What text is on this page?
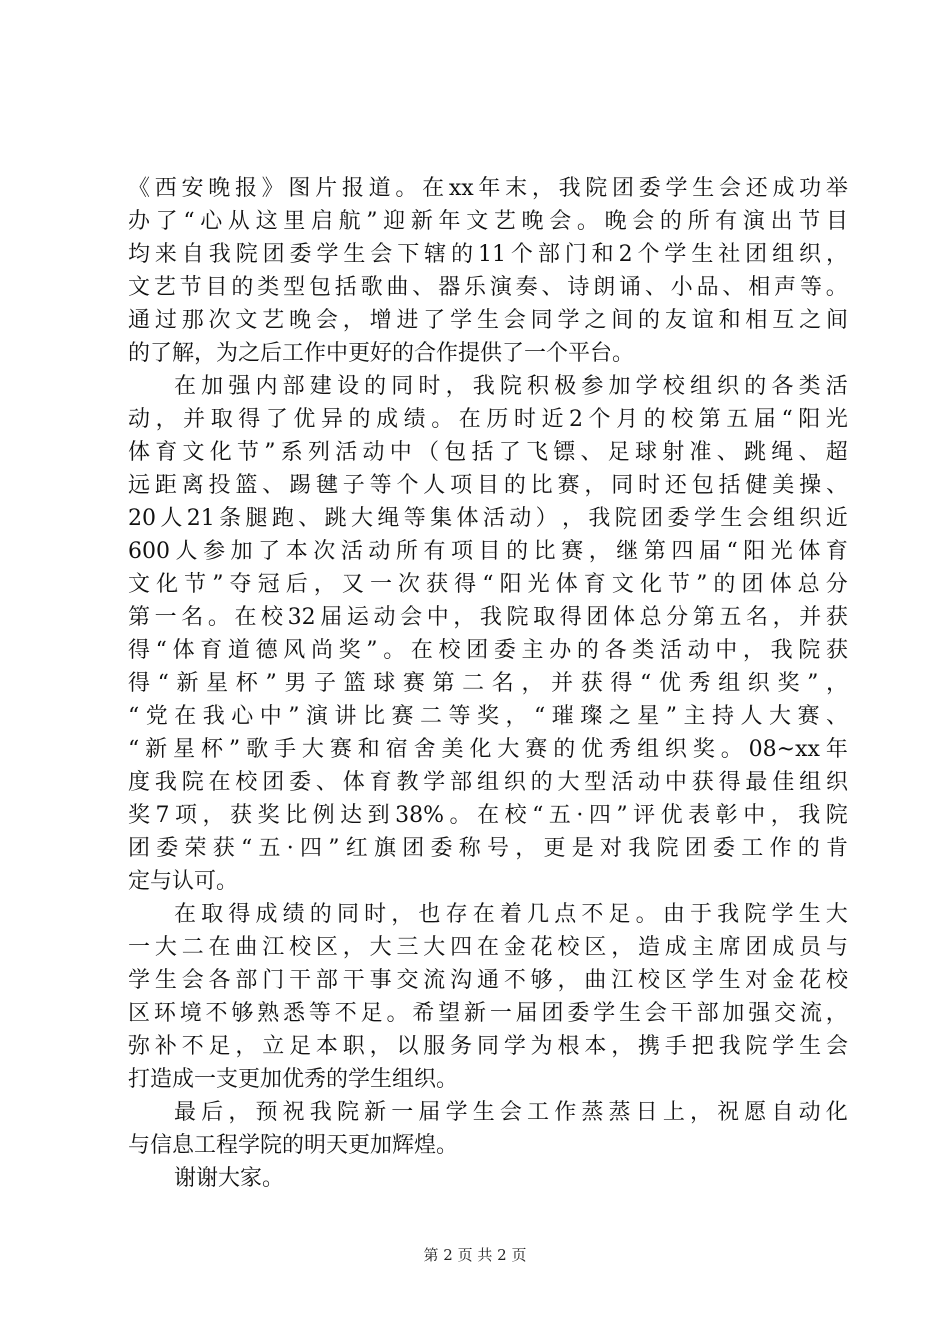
《 西 安 晚 报 》 图 片 报 道 。 在 xx 年 末 ， 我 院 团 委 学 生 会 还 成 功 举
办 了 “ 心 从 这 里 启 航 ” 迎 新 年 文 艺 晚 会 。 晚 会 的 所 有 演 出 节 目
均 来 自 我 院 团 委 学 生 会 下 辖 的 11 个 部 门 和 2 个 学 生 社 团 组 织 ，
文 艺 节 目 的 类 型 包 括 歌 曲 、 器 乐 演 奏 、 诗 朗 诵 、 小 品 、 相 声 等 。
通 过 那 次 文 艺 晚 会 ， 增 进 了 学 生 会 同 学 之 间 的 友 谊 和 相 互 之 间
的了解，为之后工作中更好的合作提供了一个平台。
在 加 强 内 部 建 设 的 同 时 ， 我 院 积 极 参 加 学 校 组 织 的 各 类 活
动 ， 并 取 得 了 优 异 的 成 绩 。 在 历 时 近 2 个 月 的 校 第 五 届 “ 阳 光
体 育 文 化 节 ” 系 列 活 动 中 （ 包 括 了 飞 镖 、 足 球 射 准 、 跳 绳 、 超
远 距 离 投 篮 、 踢 毽 子 等 个 人 项 目 的 比 赛 ， 同 时 还 包 括 健 美 操 、
20 人 21 条 腿 跑 、 跳 大 绳 等 集 体 活 动 ） ， 我 院 团 委 学 生 会 组 织 近
600 人 参 加 了 本 次 活 动 所 有 项 目 的 比 赛 ， 继 第 四 届 “ 阳 光 体 育
文 化 节 ” 夺 冠 后 ， 又 一 次 获 得 “ 阳 光 体 育 文 化 节 ” 的 团 体 总 分
第 一 名 。 在 校 32 届 运 动 会 中 ， 我 院 取 得 团 体 总 分 第 五 名 ， 并 获
得 “ 体 育 道 德 风 尚 奖 ” 。 在 校 团 委 主 办 的 各 类 活 动 中 ， 我 院 获
得 “ 新 星 杯 ” 男 子 篮 球 赛 第 二 名 ， 并 获 得 “ 优 秀 组 织 奖 ” ，
“ 党 在 我 心 中 ” 演 讲 比 赛 二 等 奖 ， “ 璀 璨 之 星 ” 主 持 人 大 赛 、
“ 新 星 杯 ” 歌 手 大 赛 和 宿 舍 美 化 大 赛 的 优 秀 组 织 奖 。 08~xx 年
度 我 院 在 校 团 委 、 体 育 教 学 部 组 织 的 大 型 活 动 中 获 得 最 佳 组 织
奖 7 项 ， 获 奖 比 例 达 到 38% 。 在 校 “ 五 · 四 ” 评 优 表 彰 中 ， 我 院
团 委 荣 获 “ 五 · 四 ” 红 旗 团 委 称 号 ， 更 是 对 我 院 团 委 工 作 的 肯
定与认可。
在 取 得 成 绩 的 同 时 ， 也 存 在 着 几 点 不 足 。 由 于 我 院 学 生 大
一 大 二 在 曲 江 校 区 ， 大 三 大 四 在 金 花 校 区 ， 造 成 主 席 团 成 员 与
学 生 会 各 部 门 干 部 干 事 交 流 沟 通 不 够 ， 曲 江 校 区 学 生 对 金 花 校
区 环 境 不 够 熟 悉 等 不 足 。 希 望 新 一 届 团 委 学 生 会 干 部 加 强 交 流 ，
弥 补 不 足 ， 立 足 本 职 ， 以 服 务 同 学 为 根 本 ， 携 手 把 我 院 学 生 会
打造成一支更加优秀的学生组织。
最 后 ， 预 祝 我 院 新 一 届 学 生 会 工 作 蒸 蒸 日 上 ， 祝 愿 自 动 化
与信息工程学院的明天更加辉煌。
谢谢大家。
第 2 页 共 2 页
